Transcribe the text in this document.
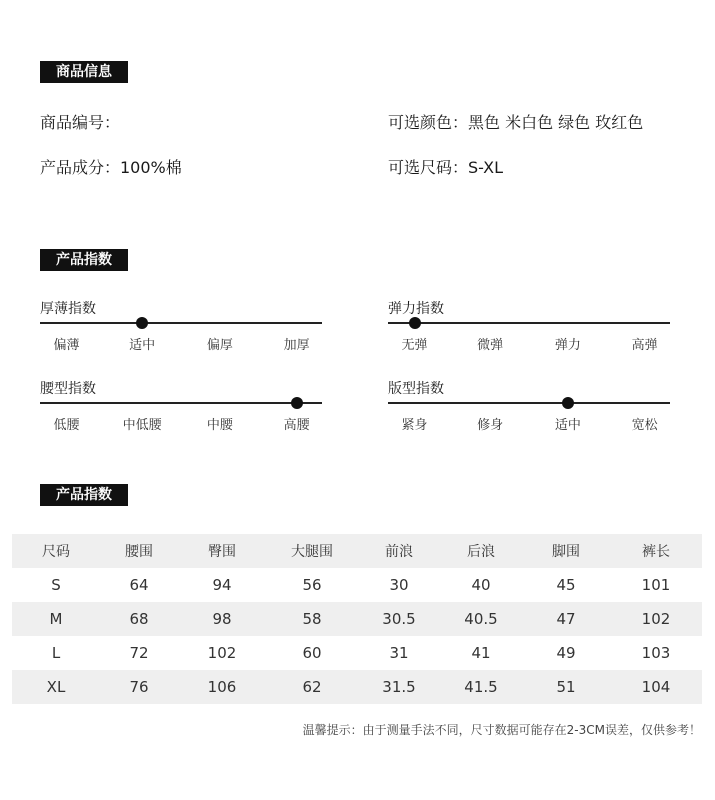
商品信息
产品指数
产品指数
商品编号：	可选颜色：黑色 米白色 绿色 玫红色
产品成分：100%棉	可选尺码：S-XL
厚薄指数
偏薄	适中	偏厚	加厚
弹力指数
无弹	微弹	弹力	高弹
腰型指数
低腰	中低腰	中腰	高腰
版型指数
紧身	修身	适中	宽松
尺码	腰围	臀围	大腿围	前浪	后浪	脚围	裤长
S	64	94	56	30	40	45	101
M	68	98	58	30.5	40.5	47	102
L	72	102	60	31	41	49	103
XL	76	106	62	31.5	41.5	51	104
温馨提示：由于测量手法不同，尺寸数据可能存在2-3CM误差，仅供参考！
